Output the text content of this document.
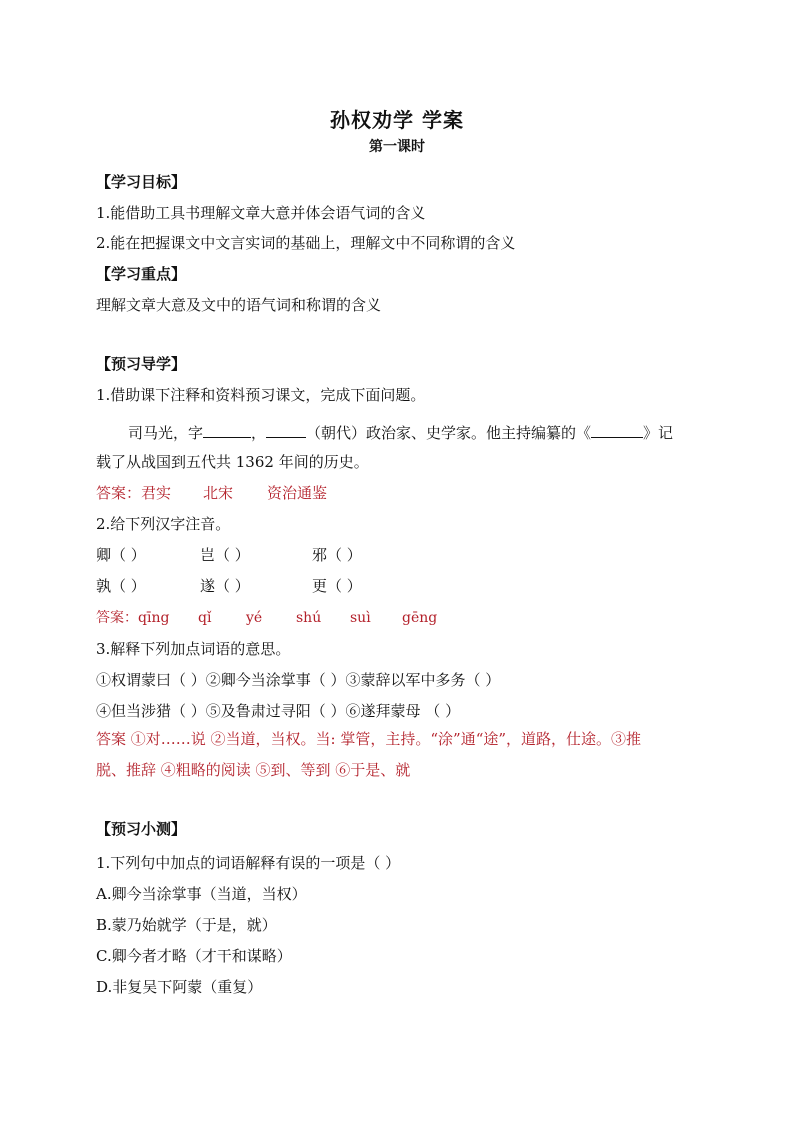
孙权劝学 学案
第一课时
【学习目标】
1.能借助工具书理解文章大意并体会语气词的含义
2.能在把握课文中文言实词的基础上，理解文中不同称谓的含义
【学习重点】
理解文章大意及文中的语气词和称谓的含义
【预习导学】
1.借助课下注释和资料预习课文，完成下面问题。
司马光，字	，	（朝代）政治家、史学家。他主持编纂的《	》记
载了从战国到五代共 1362 年间的历史。
答案：君实 北宋 资治通鉴
2.给下列汉字注音。
卿（ ）	岂（ ）	邪（ ）
孰（ ）	遂（ ）	更（ ）
答案：qīng qǐ yé shú suì gēng
3.解释下列加点词语的意思。
①权谓蒙曰（ ）②卿今当涂掌事（ ）③蒙辞以军中多务（ ）
④但当涉猎（ ）⑤及鲁肃过寻阳（ ）⑥遂拜蒙母 （ ）
答案 ①对……说 ②当道，当权。当: 掌管，主持。“涂”通“途”，道路，仕途。③推
脱、推辞 ④粗略的阅读 ⑤到、等到 ⑥于是、就
【预习小测】
1.下列句中加点的词语解释有误的一项是（ ）
A.卿今当涂掌事（当道，当权）
B.蒙乃始就学（于是，就）
C.卿今者才略（才干和谋略）
D.非复吴下阿蒙（重复）
